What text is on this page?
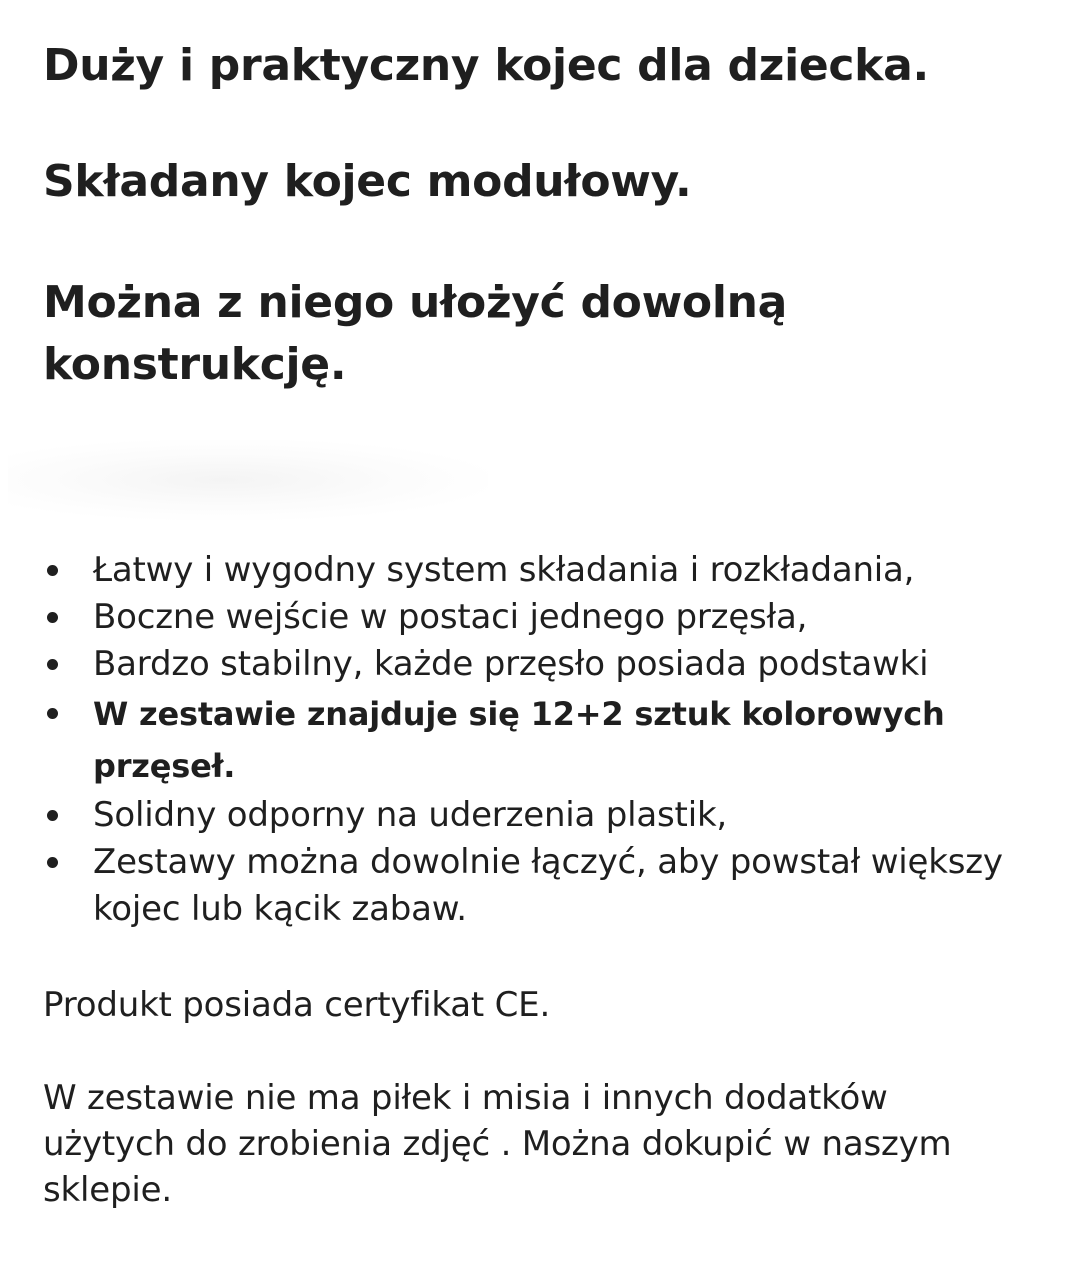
Duży i praktyczny kojec dla dziecka.
Składany kojec modułowy.
Można z niego ułożyć dowolną konstrukcję.
Łatwy i wygodny system składania i rozkładania,
Boczne wejście w postaci jednego przęsła,
Bardzo stabilny, każde przęsło posiada podstawki
W zestawie znajduje się 12+2 sztuk kolorowych przęseł.
Solidny odporny na uderzenia plastik,
Zestawy można dowolnie łączyć, aby powstał większy kojec lub kącik zabaw.

Produkt posiada certyfikat CE.

W zestawie nie ma piłek i misia i innych dodatków użytych do zrobienia zdjęć . Można dokupić w naszym sklepie.
